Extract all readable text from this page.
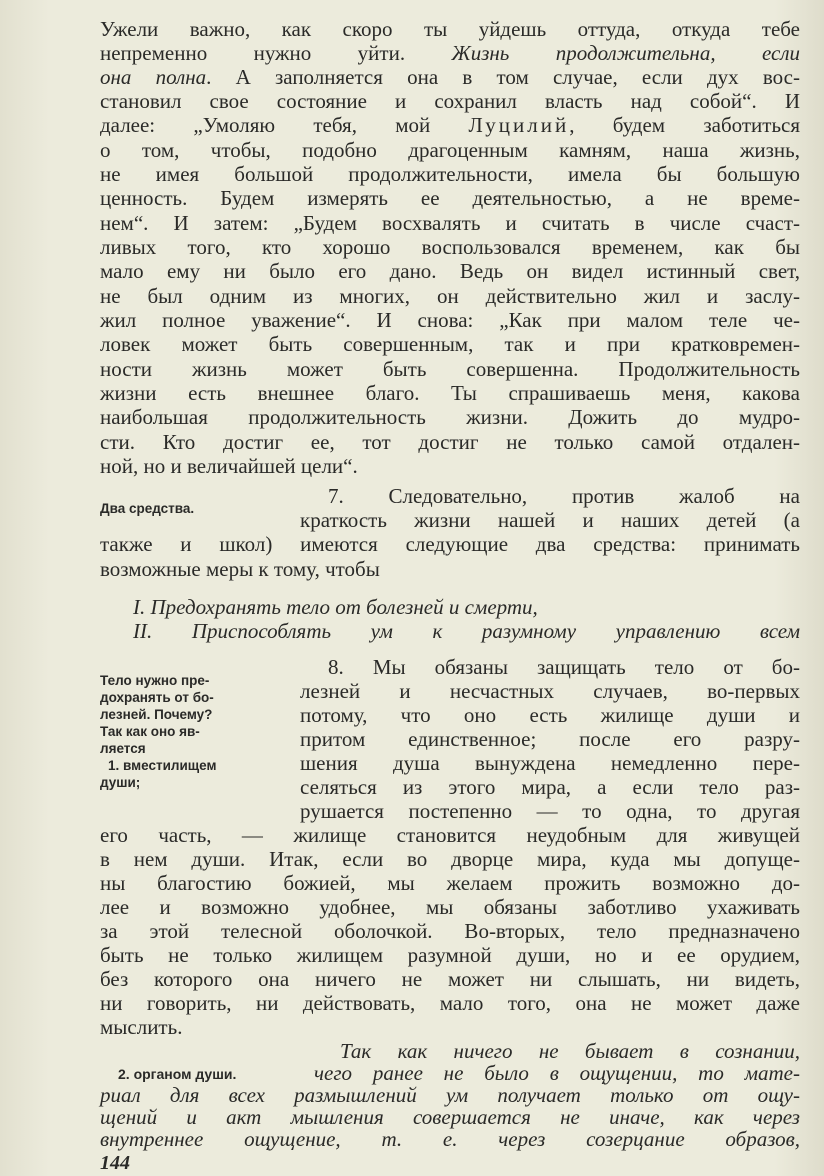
Ужели важно, как скоро ты уйдешь оттуда, откуда тебе
непременно нужно уйти. Жизнь продолжительна, если
она полна. А заполняется она в том случае, если дух вос-
становил свое состояние и сохранил власть над собой“. И
далее: „Умоляю тебя, мой Луцилий, будем заботиться
о том, чтобы, подобно драгоценным камням, наша жизнь,
не имея большой продолжительности, имела бы большую
ценность. Будем измерять ее деятельностью, а не време-
нем“. И затем: „Будем восхвалять и считать в числе счаст-
ливых того, кто хорошо воспользовался временем, как бы
мало ему ни было его дано. Ведь он видел истинный свет,
не был одним из многих, он действительно жил и заслу-
жил полное уважение“. И снова: „Как при малом теле че-
ловек может быть совершенным, так и при кратковремен-
ности жизнь может быть совершенна. Продолжительность
жизни есть внешнее благо. Ты спрашиваешь меня, какова
наибольшая продолжительность жизни. Дожить до мудро-
сти. Кто достиг ее, тот достиг не только самой отдален-
ной, но и величайшей цели“.
Два средства.
7. Следовательно, против жалоб на
краткость жизни нашей и наших детей (а
также и школ) имеются следующие два средства: принимать
возможные меры к тому, чтобы
I. Предохранять тело от болезней и смерти,
II. Приспособлять ум к разумному управлению всем
Тело нужно пре-
дохранять от бо-
лезней. Почему?
Так как оно яв-
ляется
1. вместилищем
души;
8. Мы обязаны защищать тело от бо-
лезней и несчастных случаев, во-первых
потому, что оно есть жилище души и
притом единственное; после его разру-
шения душа вынуждена немедленно пере-
селяться из этого мира, а если тело раз-
рушается постепенно — то одна, то другая
его часть, — жилище становится неудобным для живущей
в нем души. Итак, если во дворце мира, куда мы допуще-
ны благостию божией, мы желаем прожить возможно до-
лее и возможно удобнее, мы обязаны заботливо ухаживать
за этой телесной оболочкой. Во-вторых, тело предназначено
быть не только жилищем разумной души, но и ее орудием,
без которого она ничего не может ни слышать, ни видеть,
ни говорить, ни действовать, мало того, она не может даже
мыслить.
Так как ничего не бывает в сознании,
2. органом души.	чего ранее не было в ощущении, то мате-
риал для всех размышлений ум получает только от ощу-
щений и акт мышления совершается не иначе, как через
внутреннее ощущение, т. е. через созерцание образов,
144
